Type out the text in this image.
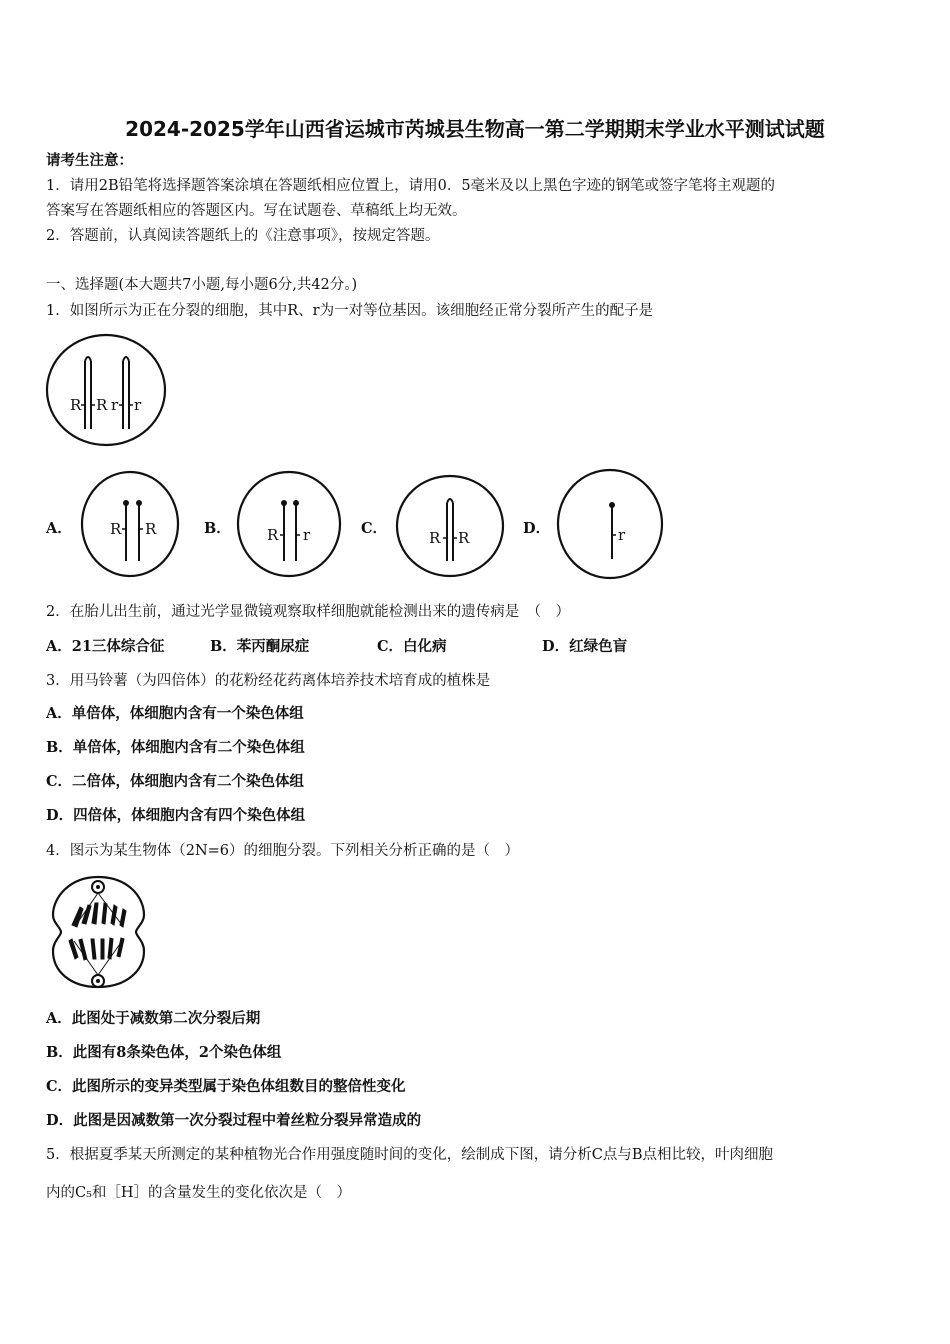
2024-2025学年山西省运城市芮城县生物高一第二学期期末学业水平测试试题
请考生注意：
1．请用2B铅笔将选择题答案涂填在答题纸相应位置上，请用0．5毫米及以上黑色字迹的钢笔或签字笔将主观题的
答案写在答题纸相应的答题区内。写在试题卷、草稿纸上均无效。
2．答题前，认真阅读答题纸上的《注意事项》，按规定答题。
一、选择题(本大题共7小题,每小题6分,共42分。)
1．如图所示为正在分裂的细胞，其中R、r为一对等位基因。该细胞经正常分裂所产生的配子是
R R r r
A．	R R	B． R r	C．
R R
D．	r
2．在胎儿出生前，通过光学显微镜观察取样细胞就能检测出来的遗传病是　（　）
A．21三体综合征	B．苯丙酮尿症	C．白化病	D．红绿色盲
3．用马铃薯（为四倍体）的花粉经花药离体培养技术培育成的植株是
A．单倍体，体细胞内含有一个染色体组
B．单倍体，体细胞内含有二个染色体组
C．二倍体，体细胞内含有二个染色体组
D．四倍体，体细胞内含有四个染色体组
4．图示为某生物体（2N=6）的细胞分裂。下列相关分析正确的是（　）
A．此图处于减数第二次分裂后期
B．此图有8条染色体，2个染色体组
C．此图所示的变异类型属于染色体组数目的整倍性变化
D．此图是因减数第一次分裂过程中着丝粒分裂异常造成的
5．根据夏季某天所测定的某种植物光合作用强度随时间的变化，绘制成下图，请分析C点与B点相比较，叶肉细胞
内的C₅和［H］的含量发生的变化依次是（　）
